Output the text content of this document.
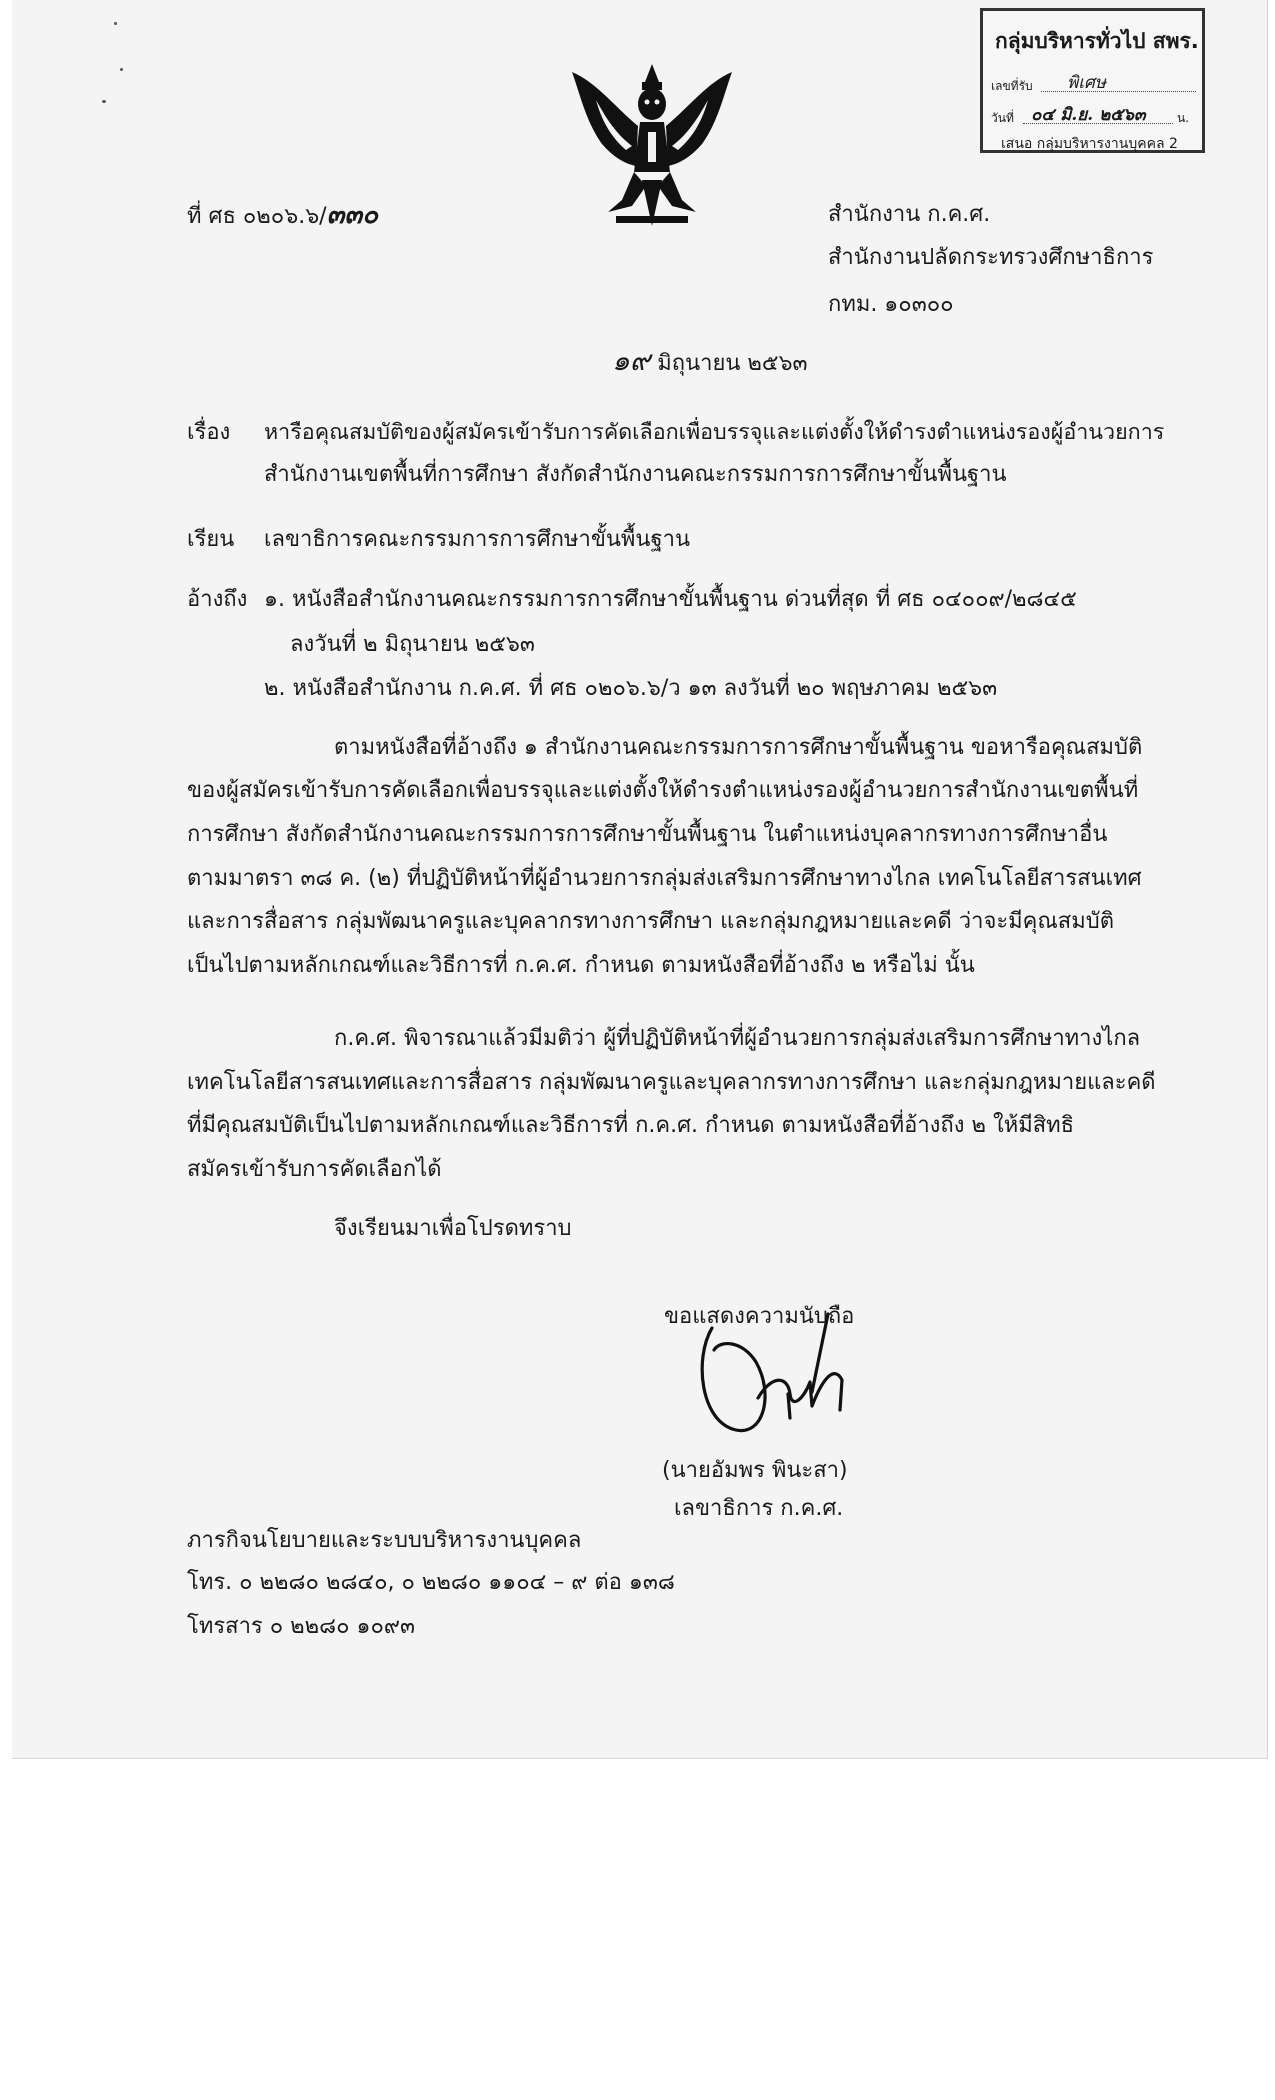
กลุ่มบริหารทั่วไป สพร.
เลขที่รับ พิเศษ
วันที่ ๐๔ มิ.ย. ๒๕๖๓	น.
เสนอ กลุ่มบริหารงานบุคคล 2
ที่ ศธ ๐๒๐๖.๖/๓๓๐	สำนักงาน ก.ค.ศ.
สำนักงานปลัดกระทรวงศึกษาธิการ
กทม. ๑๐๓๐๐
๑๙ มิถุนายน ๒๕๖๓
เรื่อง หารือคุณสมบัติของผู้สมัครเข้ารับการคัดเลือกเพื่อบรรจุและแต่งตั้งให้ดำรงตำแหน่งรองผู้อำนวยการ
สำนักงานเขตพื้นที่การศึกษา สังกัดสำนักงานคณะกรรมการการศึกษาขั้นพื้นฐาน
เรียน เลขาธิการคณะกรรมการการศึกษาขั้นพื้นฐาน
อ้างถึง ๑. หนังสือสำนักงานคณะกรรมการการศึกษาขั้นพื้นฐาน ด่วนที่สุด ที่ ศธ ๐๔๐๐๙/๒๘๔๕
ลงวันที่ ๒ มิถุนายน ๒๕๖๓
๒. หนังสือสำนักงาน ก.ค.ศ. ที่ ศธ ๐๒๐๖.๖/ว ๑๓ ลงวันที่ ๒๐ พฤษภาคม ๒๕๖๓
ตามหนังสือที่อ้างถึง ๑ สำนักงานคณะกรรมการการศึกษาขั้นพื้นฐาน ขอหารือคุณสมบัติ
ของผู้สมัครเข้ารับการคัดเลือกเพื่อบรรจุและแต่งตั้งให้ดำรงตำแหน่งรองผู้อำนวยการสำนักงานเขตพื้นที่
การศึกษา สังกัดสำนักงานคณะกรรมการการศึกษาขั้นพื้นฐาน ในตำแหน่งบุคลากรทางการศึกษาอื่น
ตามมาตรา ๓๘ ค. (๒) ที่ปฏิบัติหน้าที่ผู้อำนวยการกลุ่มส่งเสริมการศึกษาทางไกล เทคโนโลยีสารสนเทศ
และการสื่อสาร กลุ่มพัฒนาครูและบุคลากรทางการศึกษา และกลุ่มกฎหมายและคดี ว่าจะมีคุณสมบัติ
เป็นไปตามหลักเกณฑ์และวิธีการที่ ก.ค.ศ. กำหนด ตามหนังสือที่อ้างถึง ๒ หรือไม่ นั้น
ก.ค.ศ. พิจารณาแล้วมีมติว่า ผู้ที่ปฏิบัติหน้าที่ผู้อำนวยการกลุ่มส่งเสริมการศึกษาทางไกล
เทคโนโลยีสารสนเทศและการสื่อสาร กลุ่มพัฒนาครูและบุคลากรทางการศึกษา และกลุ่มกฎหมายและคดี
ที่มีคุณสมบัติเป็นไปตามหลักเกณฑ์และวิธีการที่ ก.ค.ศ. กำหนด ตามหนังสือที่อ้างถึง ๒ ให้มีสิทธิ
สมัครเข้ารับการคัดเลือกได้
จึงเรียนมาเพื่อโปรดทราบ
ขอแสดงความนับถือ
(นายอัมพร พินะสา)
เลขาธิการ ก.ค.ศ.
ภารกิจนโยบายและระบบบริหารงานบุคคล
โทร. ๐ ๒๒๘๐ ๒๘๔๐, ๐ ๒๒๘๐ ๑๑๐๔ – ๙ ต่อ ๑๓๘
โทรสาร ๐ ๒๒๘๐ ๑๐๙๓
